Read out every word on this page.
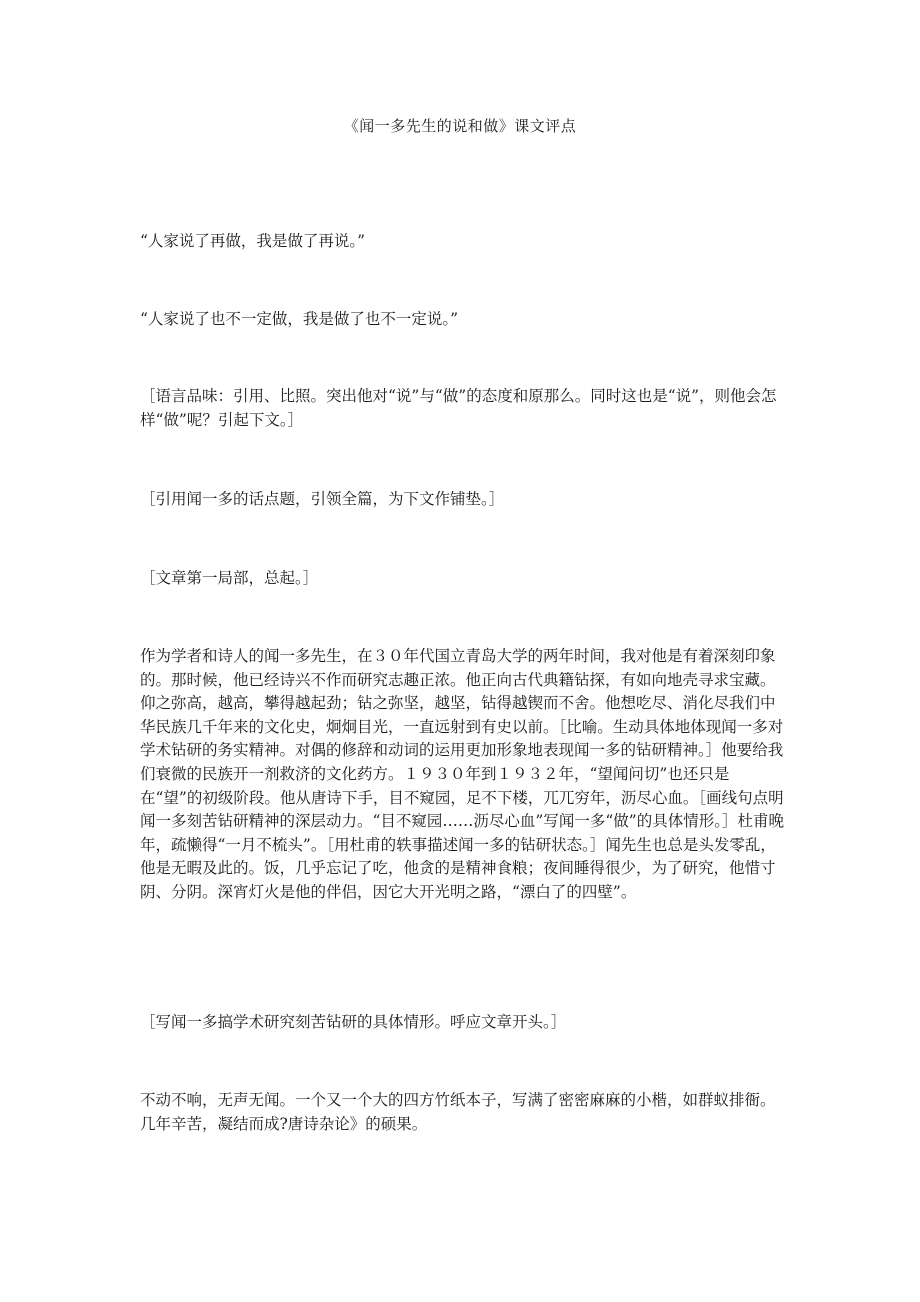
《闻一多先生的说和做》课文评点

“人家说了再做，我是做了再说。”

“人家说了也不一定做，我是做了也不一定说。”

［语言品味：引用、比照。突出他对“说”与“做”的态度和原那么。同时这也是“说”，则他会怎样“做”呢？引起下文。］

［引用闻一多的话点题，引领全篇，为下文作铺垫。］

［文章第一局部，总起。］

作为学者和诗人的闻一多先生，在３０年代国立青岛大学的两年时间，我对他是有着深刻印象的。那时候，他已经诗兴不作而研究志趣正浓。他正向古代典籍钻探，有如向地壳寻求宝藏。仰之弥高，越高，攀得越起劲；钻之弥坚，越坚，钻得越锲而不舍。他想吃尽、消化尽我们中华民族几千年来的文化史，炯炯目光，一直远射到有史以前。［比喻。生动具体地体现闻一多对学术钻研的务实精神。对偶的修辞和动词的运用更加形象地表现闻一多的钻研精神。］他要给我们衰微的民族开一剂救济的文化药方。１９３０年到１９３２年，“望闻问切”也还只是在“望”的初级阶段。他从唐诗下手，目不窥园，足不下楼，兀兀穷年，沥尽心血。［画线句点明闻一多刻苦钻研精神的深层动力。“目不窥园……沥尽心血”写闻一多“做”的具体情形。］杜甫晚年，疏懒得“一月不梳头”。［用杜甫的轶事描述闻一多的钻研状态。］闻先生也总是头发零乱，他是无暇及此的。饭，几乎忘记了吃，他贪的是精神食粮；夜间睡得很少，为了研究，他惜寸阴、分阴。深宵灯火是他的伴侣，因它大开光明之路，“漂白了的四壁”。

［写闻一多搞学术研究刻苦钻研的具体情形。呼应文章开头。］

不动不响，无声无闻。一个又一个大的四方竹纸本子，写满了密密麻麻的小楷，如群蚁排衙。几年辛苦，凝结而成?唐诗杂论》的硕果。
